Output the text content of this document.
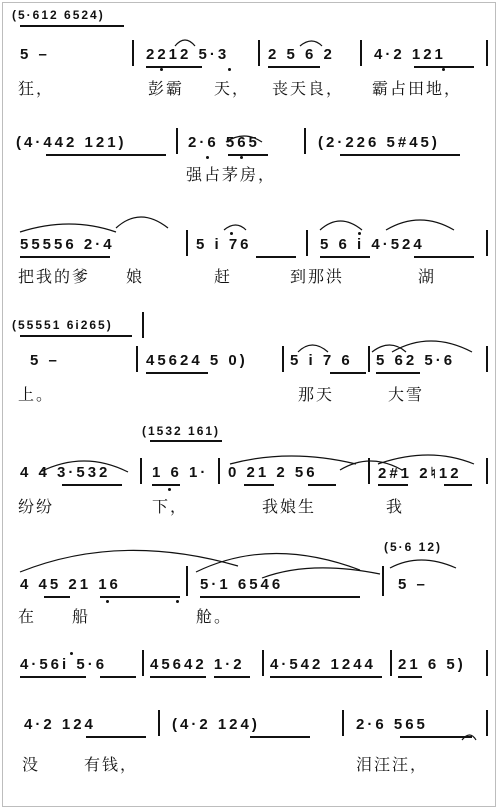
(5·612 6524)
5 –	2212 5·3	2 5 6 2	4·2 121
狂，	彭霸 天， 丧天良， 霸占田地，
(4·442 121)	2·6 565	(2·226 5#45)
强占茅房，
55556 2·4	5 i 76	5 6 i 4·524
把我的爹 娘	赶	到那洪	湖
(55551 6i265)
5 –	45624 5 0)	5 i 7 6 5 62 5·6
上。	那天	大雪
(1532 161)
4 4 3·532	1 6 1· 0 21 2 56	2#1 2♮12
纷纷	下，	我娘生	我
(5·6 12)
4 45 21 16	5·1 6546	5 –
在 船	舱。
4·56i 5·6	45642 1·2 4·542 1244 21 6 5)
4·2 124	(4·2 124)	2·6 565
没	有钱，	泪汪汪，
